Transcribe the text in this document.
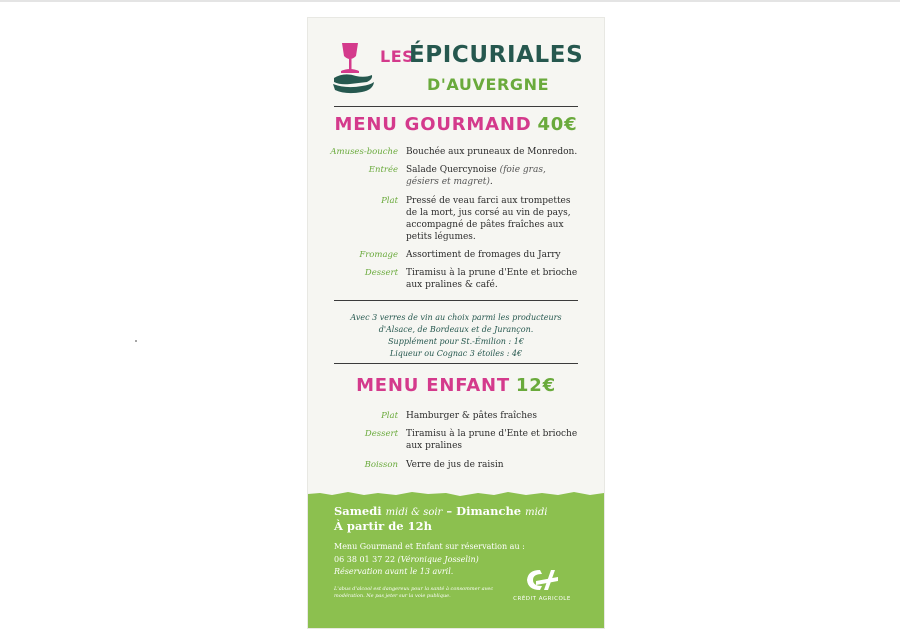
LES
ÉPICURIALES
D'AUVERGNE
MENU GOURMAND 40€
Amuses-bouche Bouchée aux pruneaux de Monredon.
Entrée Salade Quercynoise (foie gras, gésiers et magret).
Plat Pressé de veau farci aux trompettes de la mort, jus corsé au vin de pays, accompagné de pâtes fraîches aux petits légumes.
Fromage Assortiment de fromages du Jarry
Dessert Tiramisu à la prune d'Ente et brioche aux pralines & café.
Avec 3 verres de vin au choix parmi les producteurs
d'Alsace, de Bordeaux et de Jurançon.
Supplément pour St.-Émilion : 1€
Liqueur ou Cognac 3 étoiles : 4€
MENU ENFANT 12€
Plat Hamburger & pâtes fraîches
Dessert Tiramisu à la prune d'Ente et brioche aux pralines
Boisson Verre de jus de raisin
Samedi midi & soir – Dimanche midi
À partir de 12h
Menu Gourmand et Enfant sur réservation au :
06 38 01 37 22 (Véronique Josselin)
Réservation avant le 13 avril.
L'abus d'alcool est dangereux pour la santé à consommer avec modération. Ne pas jeter sur la voie publique.	CRÉDIT AGRICOLE
